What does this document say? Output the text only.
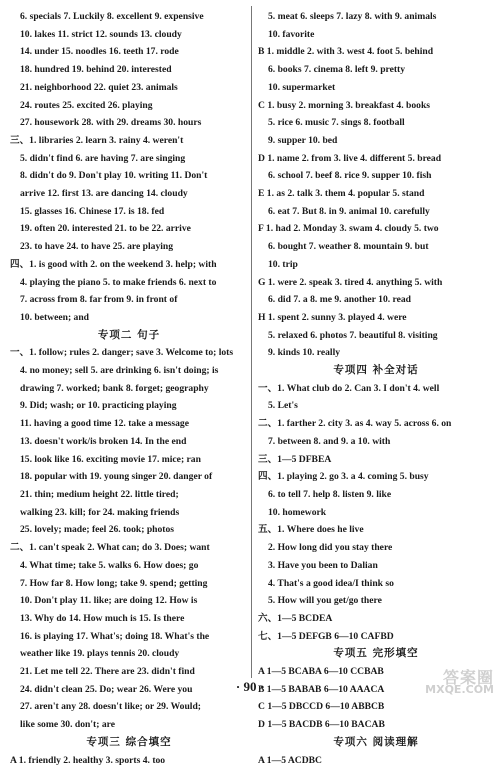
6. specials 7. Luckily 8. excellent 9. expensive
10. lakes 11. strict 12. sounds 13. cloudy
14. under 15. noodles 16. teeth 17. rode
18. hundred 19. behind 20. interested
21. neighborhood 22. quiet 23. animals
24. routes 25. excited 26. playing
27. housework 28. with 29. dreams 30. hours
三、1. libraries 2. learn 3. rainy 4. weren't
5. didn't find 6. are having 7. are singing
8. didn't do 9. Don't play 10. writing 11. Don't
arrive 12. first 13. are dancing 14. cloudy
15. glasses 16. Chinese 17. is 18. fed
19. often 20. interested 21. to be 22. arrive
23. to have 24. to have 25. are playing
四、1. is good with 2. on the weekend 3. help; with
4. playing the piano 5. to make friends 6. next to
7. across from 8. far from 9. in front of
10. between; and
专项二 句子
一、1. follow; rules 2. danger; save 3. Welcome to; lots
4. no money; sell 5. are drinking 6. isn't doing; is
drawing 7. worked; bank 8. forget; geography
9. Did; wash; or 10. practicing playing
11. having a good time 12. take a message
13. doesn't work/is broken 14. In the end
15. look like 16. exciting movie 17. mice; ran
18. popular with 19. young singer 20. danger of
21. thin; medium height 22. little tired;
walking 23. kill; for 24. making friends
25. lovely; made; feel 26. took; photos
二、1. can't speak 2. What can; do 3. Does; want
4. What time; take 5. walks 6. How does; go
7. How far 8. How long; take 9. spend; getting
10. Don't play 11. like; are doing 12. How is
13. Why do 14. How much is 15. Is there
16. is playing 17. What's; doing 18. What's the
weather like 19. plays tennis 20. cloudy
21. Let me tell 22. There are 23. didn't find
24. didn't clean 25. Do; wear 26. Were you
27. aren't any 28. doesn't like; or 29. Would;
like some 30. don't; are
专项三 综合填空
A 1. friendly 2. healthy 3. sports 4. too
5. meat 6. sleeps 7. lazy 8. with 9. animals
10. favorite
B 1. middle 2. with 3. west 4. foot 5. behind
6. books 7. cinema 8. left 9. pretty
10. supermarket
C 1. busy 2. morning 3. breakfast 4. books
5. rice 6. music 7. sings 8. football
9. supper 10. bed
D 1. name 2. from 3. live 4. different 5. bread
6. school 7. beef 8. rice 9. supper 10. fish
E 1. as 2. talk 3. them 4. popular 5. stand
6. eat 7. But 8. in 9. animal 10. carefully
F 1. had 2. Monday 3. swam 4. cloudy 5. two
6. bought 7. weather 8. mountain 9. but
10. trip
G 1. were 2. speak 3. tired 4. anything 5. with
6. did 7. a 8. me 9. another 10. read
H 1. spent 2. sunny 3. played 4. were
5. relaxed 6. photos 7. beautiful 8. visiting
9. kinds 10. really
专项四 补全对话
一、1. What club do 2. Can 3. I don't 4. well
5. Let's
二、1. farther 2. city 3. as 4. way 5. across 6. on
7. between 8. and 9. a 10. with
三、1—5 DFBEA
四、1. playing 2. go 3. a 4. coming 5. busy
6. to tell 7. help 8. listen 9. like
10. homework
五、1. Where does he live
2. How long did you stay there
3. Have you been to Dalian
4. That's a good idea/I think so
5. How will you get/go there
六、1—5 BCDEA
七、1—5 DEFGB 6—10 CAFBD
专项五 完形填空
A 1—5 BCABA 6—10 CCBAB
B 1—5 BABAB 6—10 AAACA
C 1—5 DBCCD 6—10 ABBCB
D 1—5 BACDB 6—10 BACAB
专项六 阅读理解
A 1—5 ACDBC
· 90 ·	答案圈
MXQE.COM
